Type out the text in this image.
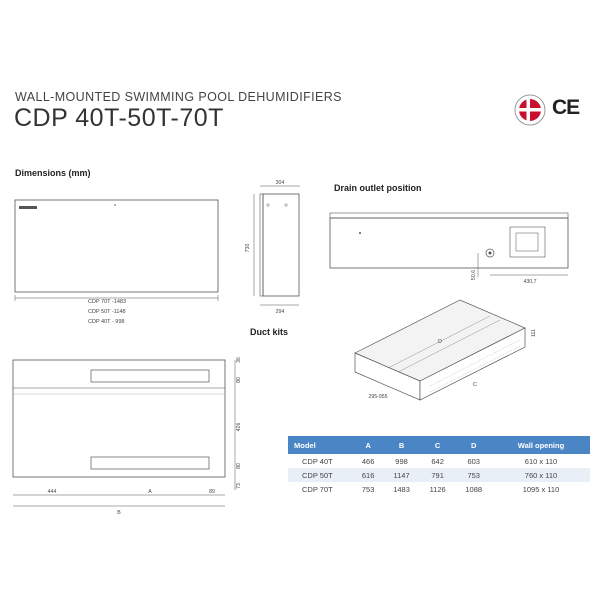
WALL-MOUNTED SWIMMING POOL DEHUMIDIFIERS
CDP 40T-50T-70T	CE
Dimensions (mm)
Drain outlet position
Duct kits
CDP 70T -1483
CDP 50T -1148
CDP 40T - 998
304
730
294
50,6
430,7
36
80
426
80
73
444	A	89
B
D
C
111
295-955
Model	A	B	C	D	Wall opening
CDP 40T	466	998	642	603	610 x 110
CDP 50T	616	1147	791	753	760 x 110
CDP 70T	753	1483	1126	1088	1095 x 110
